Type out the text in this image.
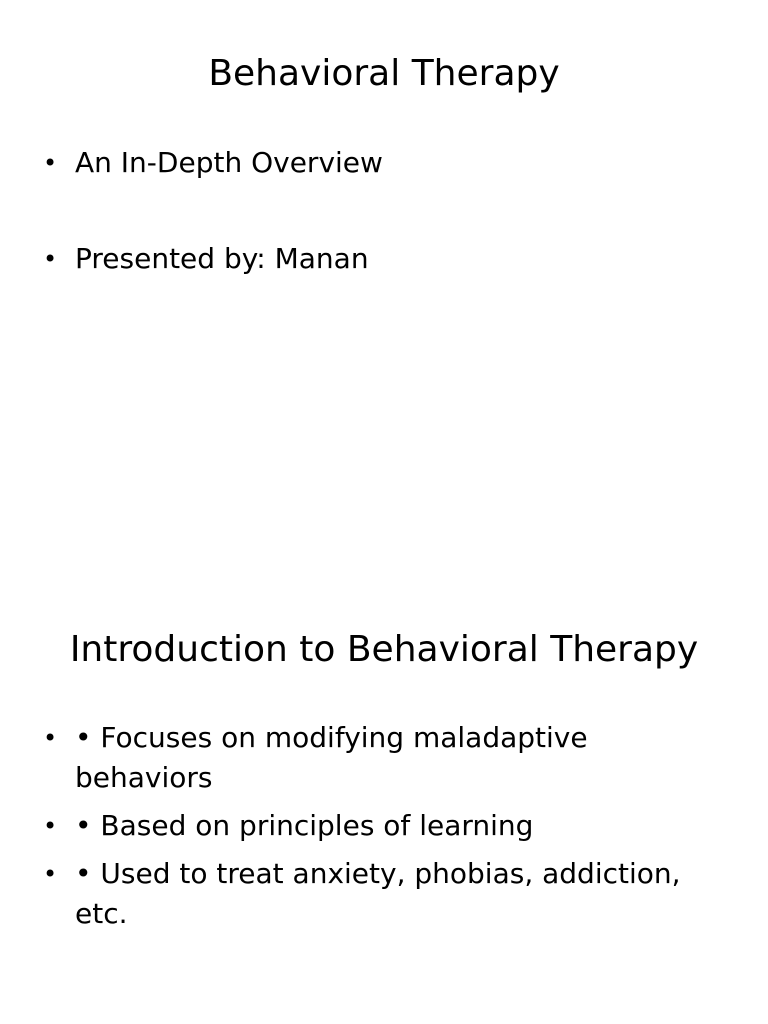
Behavioral Therapy
• An In-Depth Overview
• Presented by: Manan
Introduction to Behavioral Therapy
• • Focuses on modifying maladaptive behaviors
• • Based on principles of learning
• • Used to treat anxiety, phobias, addiction, etc.
